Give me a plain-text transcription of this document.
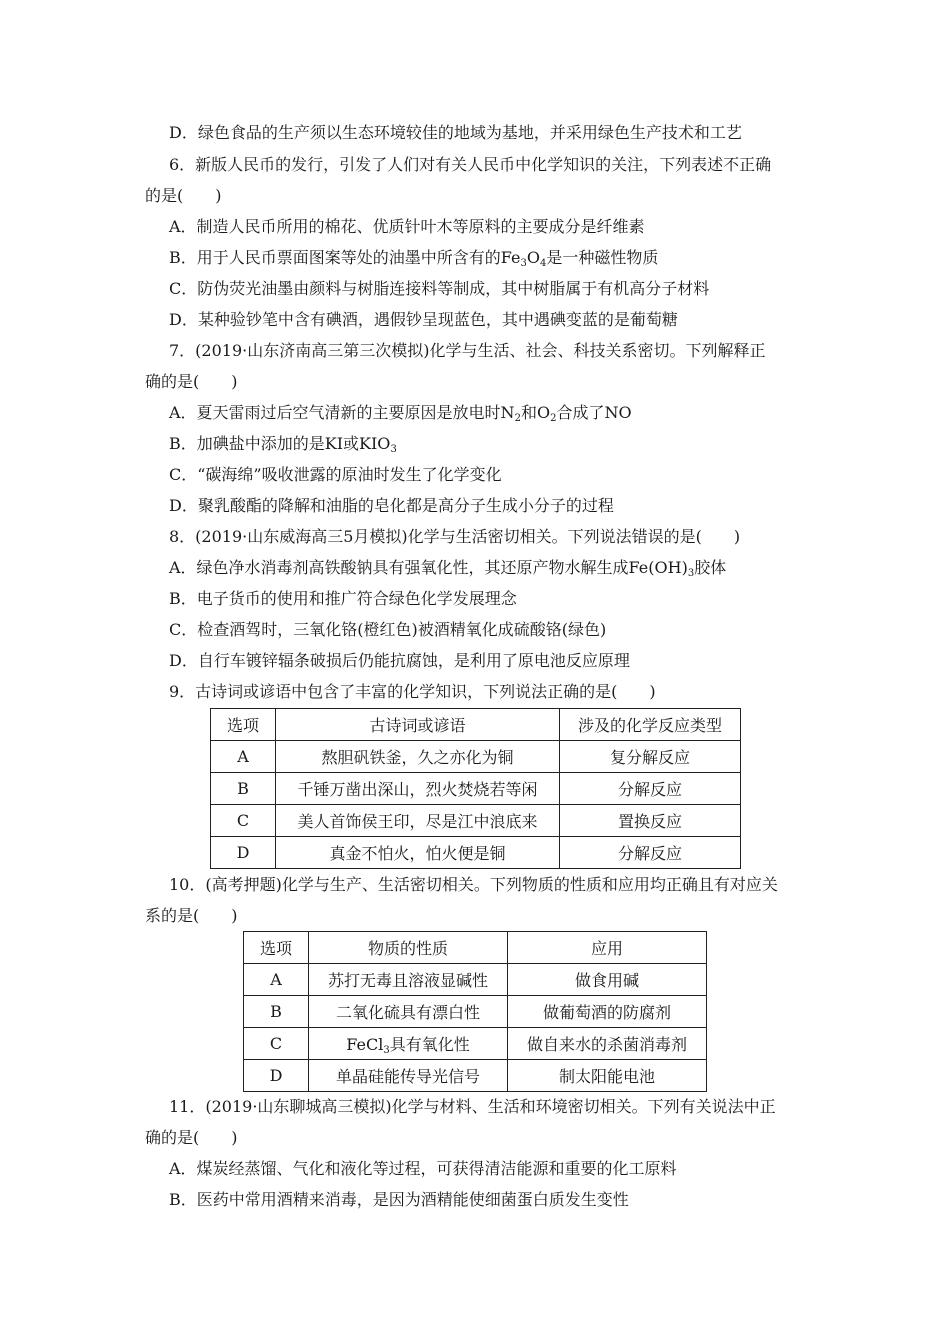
D．绿色食品的生产须以生态环境较佳的地域为基地，并采用绿色生产技术和工艺
6．新版人民币的发行，引发了人们对有关人民币中化学知识的关注，下列表述不正确
的是(　　)
A．制造人民币所用的棉花、优质针叶木等原料的主要成分是纤维素
B．用于人民币票面图案等处的油墨中所含有的$Fe_3O_4$是一种磁性物质
C．防伪荧光油墨由颜料与树脂连接料等制成，其中树脂属于有机高分子材料
D．某种验钞笔中含有碘酒，遇假钞呈现蓝色，其中遇碘变蓝的是葡萄糖
7．(2019·山东济南高三第三次模拟)化学与生活、社会、科技关系密切。下列解释正
确的是(　　)
A．夏天雷雨过后空气清新的主要原因是放电时$N_2$和$O_2$合成了NO
B．加碘盐中添加的是KI或$KIO_3$
C．“碳海绵”吸收泄露的原油时发生了化学变化
D．聚乳酸酯的降解和油脂的皂化都是高分子生成小分子的过程
8．(2019·山东威海高三5月模拟)化学与生活密切相关。下列说法错误的是(　　)
A．绿色净水消毒剂高铁酸钠具有强氧化性，其还原产物水解生成$Fe(OH)_3$胶体
B．电子货币的使用和推广符合绿色化学发展理念
C．检查酒驾时，三氧化铬(橙红色)被酒精氧化成硫酸铬(绿色)
D．自行车镀锌辐条破损后仍能抗腐蚀，是利用了原电池反应原理
9．古诗词或谚语中包含了丰富的化学知识，下列说法正确的是(　　)
选项	古诗词或谚语	涉及的化学反应类型
A	熬胆矾铁釜，久之亦化为铜	复分解反应
B	千锤万凿出深山，烈火焚烧若等闲	分解反应
C	美人首饰侯王印，尽是江中浪底来	置换反应
D	真金不怕火，怕火便是铜	分解反应
10．(高考押题)化学与生产、生活密切相关。下列物质的性质和应用均正确且有对应关
系的是(　　)
选项	物质的性质	应用
A	苏打无毒且溶液显碱性	做食用碱
B	二氧化硫具有漂白性	做葡萄酒的防腐剂
C	FeCl$_3$具有氧化性	做自来水的杀菌消毒剂
D	单晶硅能传导光信号	制太阳能电池
11．(2019·山东聊城高三模拟)化学与材料、生活和环境密切相关。下列有关说法中正
确的是(　　)
A．煤炭经蒸馏、气化和液化等过程，可获得清洁能源和重要的化工原料
B．医药中常用酒精来消毒，是因为酒精能使细菌蛋白质发生变性
